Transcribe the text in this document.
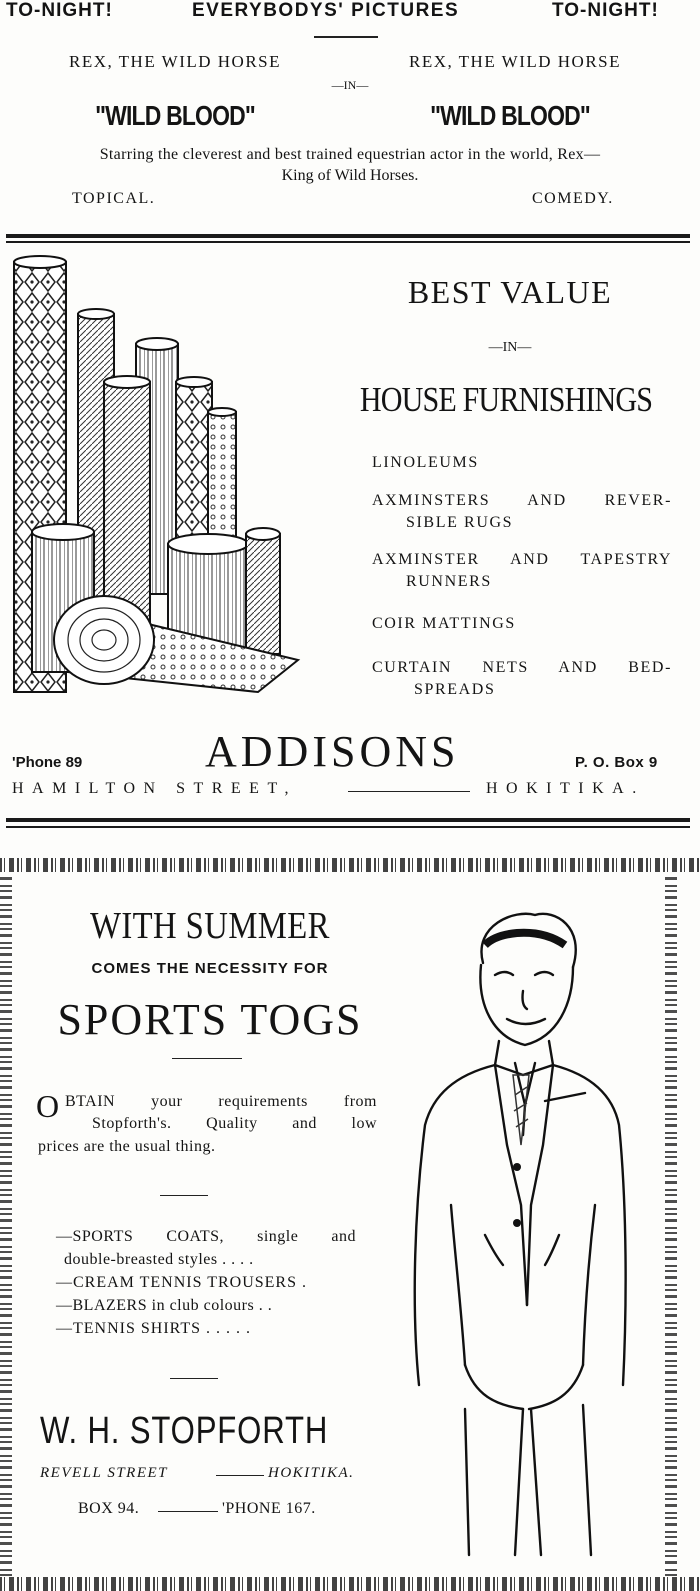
TO-NIGHT!	EVERYBODYS' PICTURES	TO-NIGHT!
REX, THE WILD HORSE	REX, THE WILD HORSE
—IN—
"WILD BLOOD"	"WILD BLOOD"
Starring the cleverest and best trained equestrian actor in the world, Rex—
King of Wild Horses.
TOPICAL.	COMEDY.
BEST VALUE
—IN—
HOUSE FURNISHINGS
LINOLEUMS
AXMINSTERS AND REVER-
SIBLE RUGS
AXMINSTER AND TAPESTRY
RUNNERS
COIR MATTINGS
CURTAIN NETS AND BED-
SPREADS
'Phone 89	ADDISONS	P. O. Box 9
HAMILTON STREET,	HOKITIKA.
WITH SUMMER
COMES THE NECESSITY FOR
SPORTS TOGS
O BTAIN your requirements from
Stopforth's. Quality and low
prices are the usual thing.
—SPORTS COATS, single and
double-breasted styles . . . .
—CREAM TENNIS TROUSERS .
—BLAZERS in club colours . .
—TENNIS SHIRTS . . . . .
W. H. STOPFORTH
REVELL STREET	HOKITIKA.
BOX 94.	'PHONE 167.
